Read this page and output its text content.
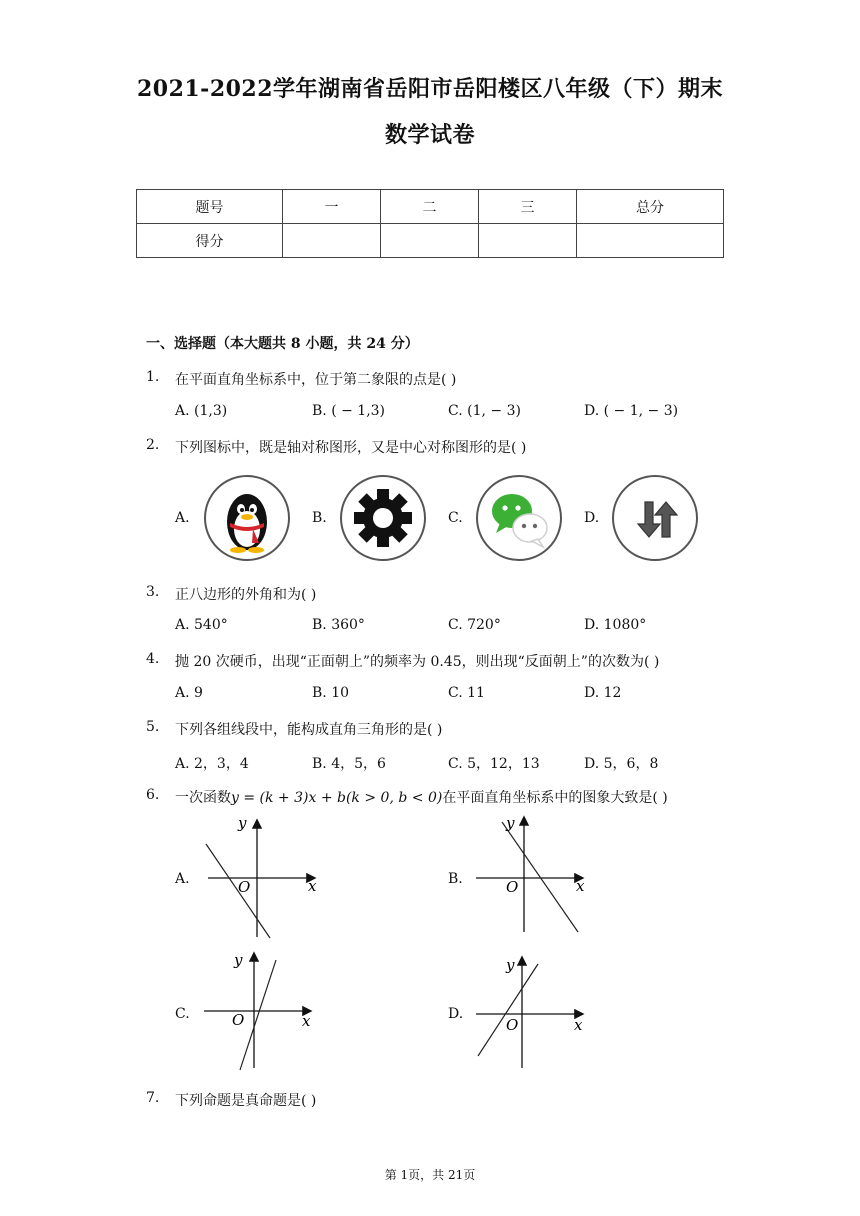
2021-2022学年湖南省岳阳市岳阳楼区八年级（下）期末
数学试卷
题号	一	二	三	总分
得分				
一、选择题（本大题共 8 小题，共 24 分）
1. 在平面直角坐标系中，位于第二象限的点是( )
A. (1,3)	B. ( − 1,3)	C. (1, − 3)	D. ( − 1, − 3)
2. 下列图标中，既是轴对称图形，又是中心对称图形的是( )
A.	B.	C.	D.
3. 正八边形的外角和为( )
A. 540°	B. 360°	C. 720°	D. 1080°
4. 抛 20 次硬币，出现“正面朝上”的频率为 0.45，则出现“反面朝上”的次数为( )
A. 9	B. 10	C. 11	D. 12
5. 下列各组线段中，能构成直角三角形的是( )
A. 2，3，4	B. 4，5，6	C. 5，12，13	D. 5，6，8
6. 一次函数y = (k + 3)x + b(k > 0, b < 0)在平面直角坐标系中的图象大致是( )
A.	B.
C.	D.
y
x
O
y
x
O
y
x
O
y
x
O
7. 下列命题是真命题是( )
第 1页，共 21页
